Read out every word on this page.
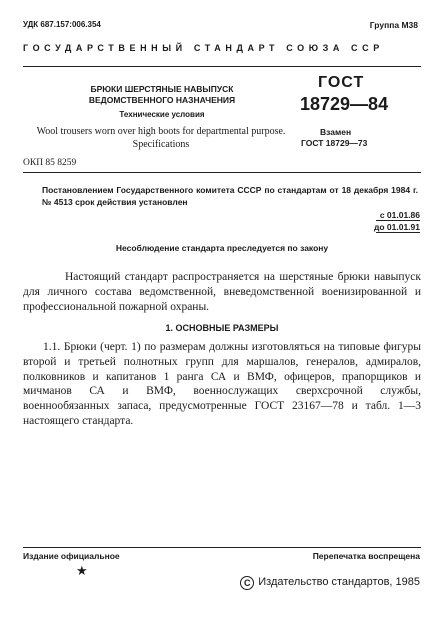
УДК 687.157:006.354	Группа М38
ГОСУДАРСТВЕННЫЙ СТАНДАРТ СОЮЗА ССР
БРЮКИ ШЕРСТЯНЫЕ НАВЫПУСК ВЕДОМСТВЕННОГО НАЗНАЧЕНИЯ
Технические условия
Wool trousers worn over high boots for departmental purpose. Specifications
ОКП 85 8259
ГОСТ
18729—84
Взамен
ГОСТ 18729—73
Постановлением Государственного комитета СССР по стандартам от 18 декабря 1984 г. № 4513 срок действия установлен
с 01.01.86
до 01.01.91
Несоблюдение стандарта преследуется по закону
Настоящий стандарт распространяется на шерстяные брюки навыпуск для личного состава ведомственной, вневедомственной военизированной и профессиональной пожарной охраны.
1. ОСНОВНЫЕ РАЗМЕРЫ
1.1. Брюки (черт. 1) по размерам должны изготовляться на типовые фигуры второй и третьей полнотных групп для маршалов, генералов, адмиралов, полковников и капитанов 1 ранга СА и ВМФ, офицеров, прапорщиков и мичманов СА и ВМФ, военнослужащих сверхсрочной службы, военнообязанных запаса, предусмотренные ГОСТ 23167—78 и табл. 1—3 настоящего стандарта.
Издание официальное	Перепечатка воспрещена
★
C Издательство стандартов, 1985
